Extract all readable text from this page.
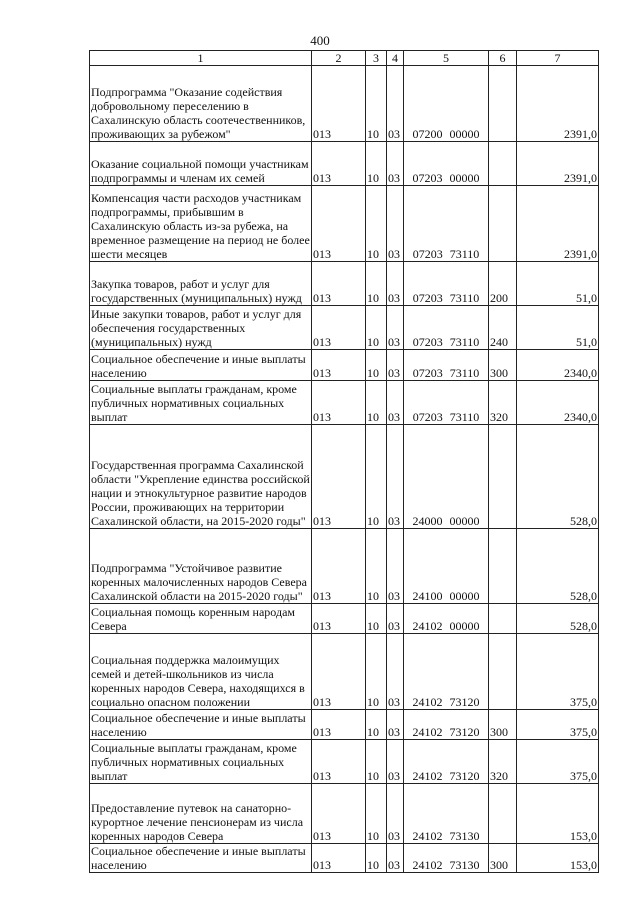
400
1	2	3	4	5	6	7
Подпрограмма "Оказание содействия добровольному переселению в Сахалинскую область соотечественников, проживающих за рубежом"	013	10	03	07200 00000		2391,0
Оказание социальной помощи участникам подпрограммы и членам их семей	013	10	03	07203 00000		2391,0
Компенсация части расходов участникам подпрограммы, прибывшим в Сахалинскую область из-за рубежа, на временное размещение на период не более шести месяцев	013	10	03	07203 73110		2391,0
Закупка товаров, работ и услуг для государственных (муниципальных) нужд	013	10	03	07203 73110	200	51,0
Иные закупки товаров, работ и услуг для обеспечения государственных (муниципальных) нужд	013	10	03	07203 73110	240	51,0
Социальное обеспечение и иные выплаты населению	013	10	03	07203 73110	300	2340,0
Социальные выплаты гражданам, кроме публичных нормативных социальных выплат	013	10	03	07203 73110	320	2340,0
Государственная программа Сахалинской области "Укрепление единства российской нации и этнокультурное развитие народов России, проживающих на территории Сахалинской области, на 2015-2020 годы"	013	10	03	24000 00000		528,0
Подпрограмма "Устойчивое развитие коренных малочисленных народов Севера Сахалинской области на 2015-2020 годы"	013	10	03	24100 00000		528,0
Социальная помощь коренным народам Севера	013	10	03	24102 00000		528,0
Социальная поддержка малоимущих семей и детей-школьников из числа коренных народов Севера, находящихся в социально опасном положении	013	10	03	24102 73120		375,0
Социальное обеспечение и иные выплаты населению	013	10	03	24102 73120	300	375,0
Социальные выплаты гражданам, кроме публичных нормативных социальных выплат	013	10	03	24102 73120	320	375,0
Предоставление путевок на санаторно-курортное лечение пенсионерам из числа коренных народов Севера	013	10	03	24102 73130		153,0
Социальное обеспечение и иные выплаты населению	013	10	03	24102 73130	300	153,0
